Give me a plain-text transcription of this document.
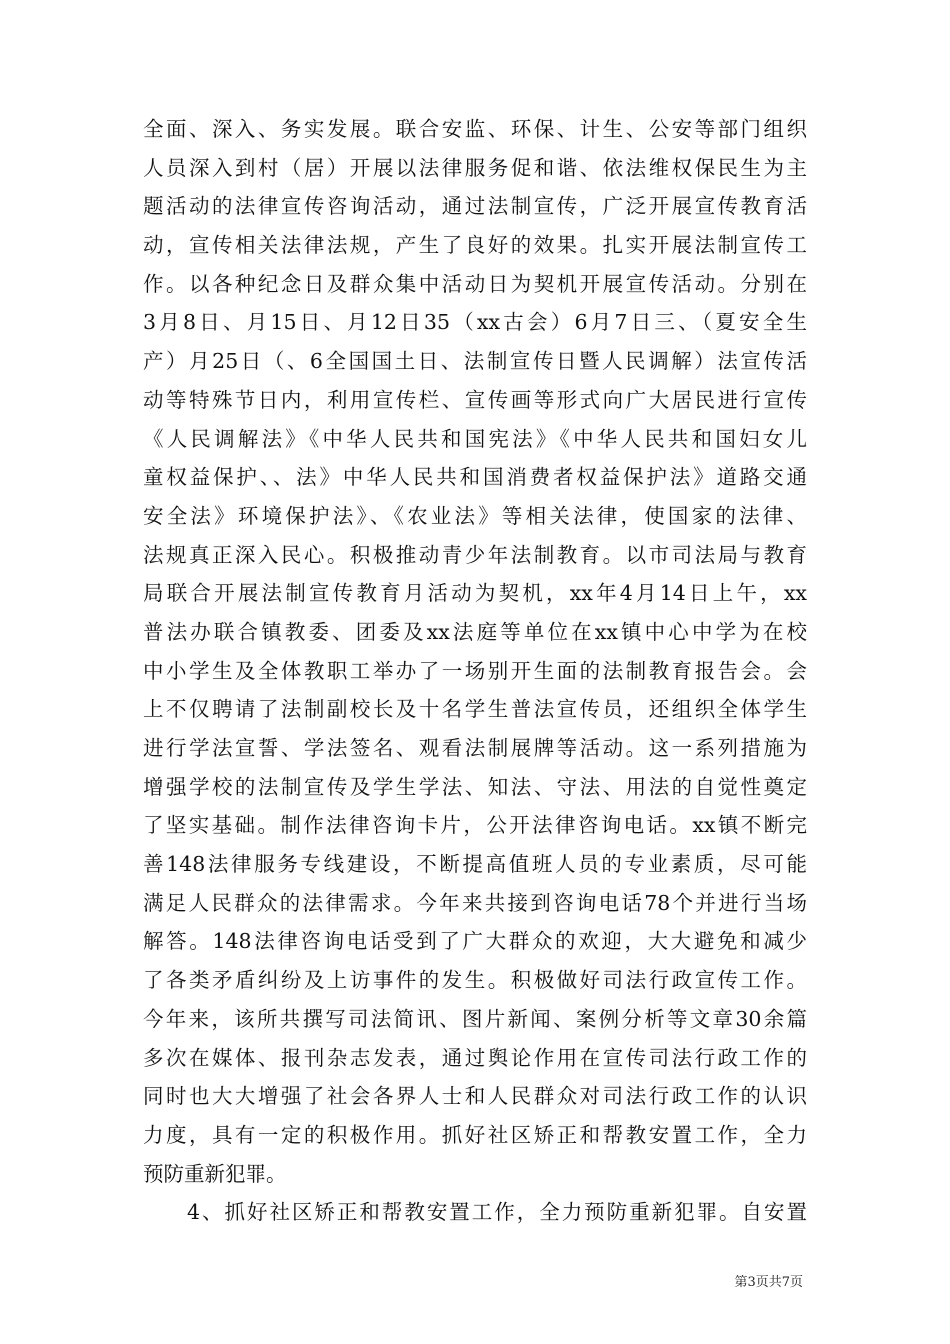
全面、深入、务实发展。联合安监、环保、计生、公安等部门组织
人员深入到村（居）开展以法律服务促和谐、依法维权保民生为主
题活动的法律宣传咨询活动，通过法制宣传，广泛开展宣传教育活
动，宣传相关法律法规，产生了良好的效果。扎实开展法制宣传工
作。以各种纪念日及群众集中活动日为契机开展宣传活动。分别在
3月8日、月15日、月12日35（xx古会）6月7日三、（夏安全生
产）月25日（、6全国国土日、法制宣传日暨人民调解）法宣传活
动等特殊节日内，利用宣传栏、宣传画等形式向广大居民进行宣传
《人民调解法》《中华人民共和国宪法》《中华人民共和国妇女儿
童权益保护、、法》中华人民共和国消费者权益保护法》道路交通
安全法》环境保护法》、《农业法》等相关法律，使国家的法律、
法规真正深入民心。积极推动青少年法制教育。以市司法局与教育
局联合开展法制宣传教育月活动为契机，xx年4月14日上午，xx
普法办联合镇教委、团委及xx法庭等单位在xx镇中心中学为在校
中小学生及全体教职工举办了一场别开生面的法制教育报告会。会
上不仅聘请了法制副校长及十名学生普法宣传员，还组织全体学生
进行学法宣誓、学法签名、观看法制展牌等活动。这一系列措施为
增强学校的法制宣传及学生学法、知法、守法、用法的自觉性奠定
了坚实基础。制作法律咨询卡片，公开法律咨询电话。xx镇不断完
善148法律服务专线建设，不断提高值班人员的专业素质，尽可能
满足人民群众的法律需求。今年来共接到咨询电话78个并进行当场
解答。148法律咨询电话受到了广大群众的欢迎，大大避免和减少
了各类矛盾纠纷及上访事件的发生。积极做好司法行政宣传工作。
今年来，该所共撰写司法简讯、图片新闻、案例分析等文章30余篇
多次在媒体、报刊杂志发表，通过舆论作用在宣传司法行政工作的
同时也大大增强了社会各界人士和人民群众对司法行政工作的认识
力度，具有一定的积极作用。抓好社区矫正和帮教安置工作，全力
预防重新犯罪。
4、抓好社区矫正和帮教安置工作，全力预防重新犯罪。自安置
第3页共7页
